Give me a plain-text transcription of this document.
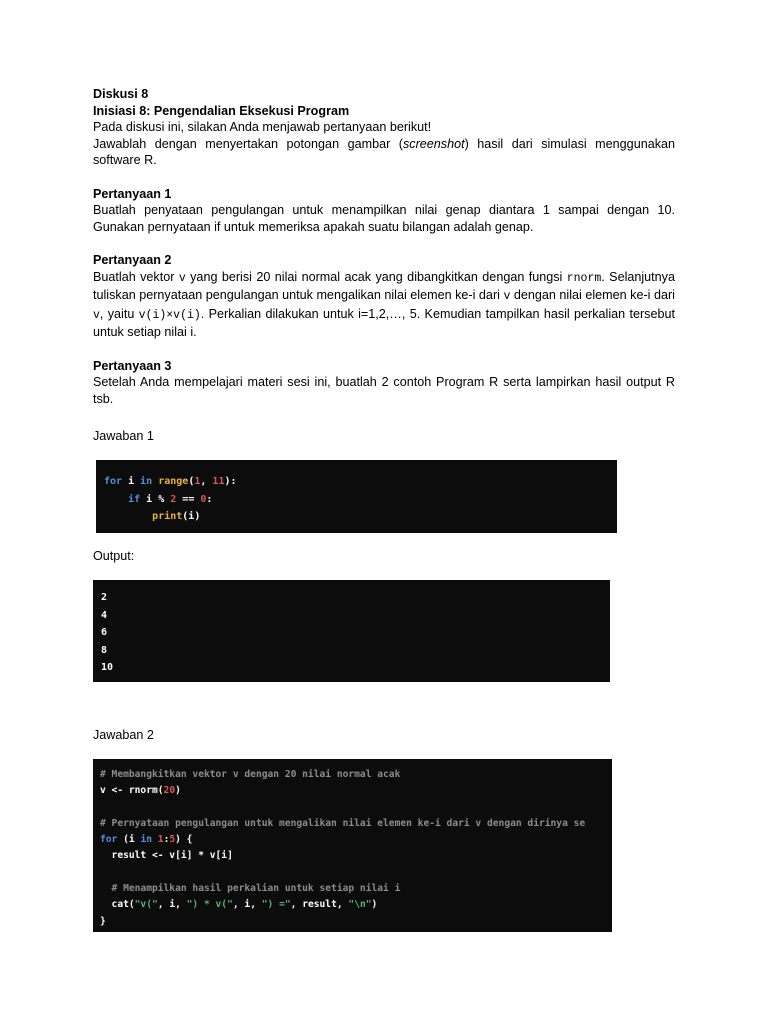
Diskusi 8

Inisiasi 8: Pengendalian Eksekusi Program

Pada diskusi ini, silakan Anda menjawab pertanyaan berikut!

Jawablah dengan menyertakan potongan gambar (screenshot) hasil dari simulasi menggunakan software R.

Pertanyaan 1

Buatlah penyataan pengulangan untuk menampilkan nilai genap diantara 1 sampai dengan 10. Gunakan pernyataan if untuk memeriksa apakah suatu bilangan adalah genap.

Pertanyaan 2

Buatlah vektor v yang berisi 20 nilai normal acak yang dibangkitkan dengan fungsi rnorm. Selanjutnya tuliskan pernyataan pengulangan untuk mengalikan nilai elemen ke-i dari v dengan nilai elemen ke-i dari v, yaitu v(i)×v(i). Perkalian dilakukan untuk i=1,2,…, 5. Kemudian tampilkan hasil perkalian tersebut untuk setiap nilai i.

Pertanyaan 3

Setelah Anda mempelajari materi sesi ini, buatlah 2 contoh Program R serta lampirkan hasil output R tsb.

Jawaban 1
for i in range(1, 11):
if i % 2 == 0:
print(i)
Output:
2
4
6
8
10
Jawaban 2
# Membangkitkan vektor v dengan 20 nilai normal acak
v <- rnorm(20)

# Pernyataan pengulangan untuk mengalikan nilai elemen ke-i dari v dengan dirinya se
for (i in 1:5) {
result <- v[i] * v[i]

# Menampilkan hasil perkalian untuk setiap nilai i
cat("v(", i, ") * v(", i, ") =", result, "\n")
}
